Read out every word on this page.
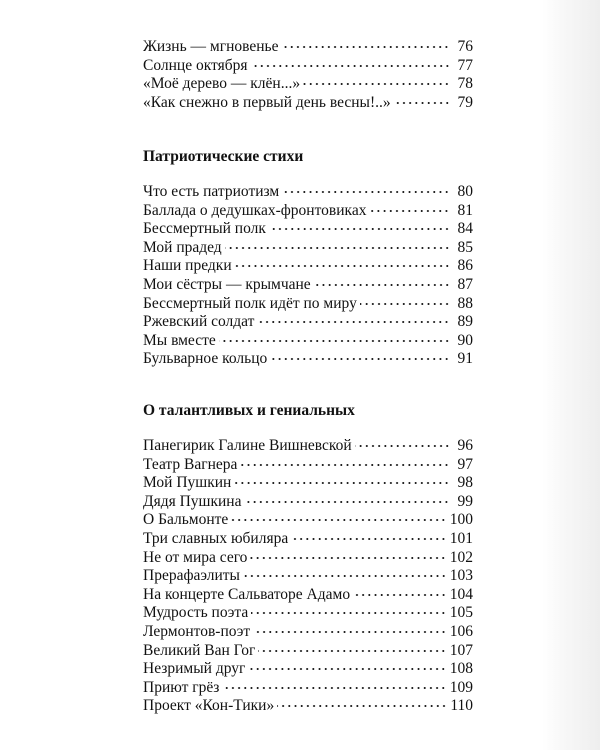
Жизнь — мгновенье	76
Солнце октября	77
«Моё дерево — клён...»	78
«Как снежно в первый день весны!..»	79
Патриотические стихи
Что есть патриотизм	80
Баллада о дедушках-фронтовиках	81
Бессмертный полк	84
Мой прадед	85
Наши предки	86
Мои сёстры — крымчане	87
Бессмертный полк идёт по миру	88
Ржевский солдат	89
Мы вместе	90
Бульварное кольцо	91
О талантливых и гениальных
Панегирик Галине Вишневской	96
Театр Вагнера	97
Мой Пушкин	98
Дядя Пушкина	99
О Бальмонте	100
Три славных юбиляра	101
Не от мира сего	102
Прерафаэлиты	103
На концерте Сальваторе Адамо	104
Мудрость поэта	105
Лермонтов-поэт	106
Великий Ван Гог	107
Незримый друг	108
Приют грёз	109
Проект «Кон-Тики»	110
